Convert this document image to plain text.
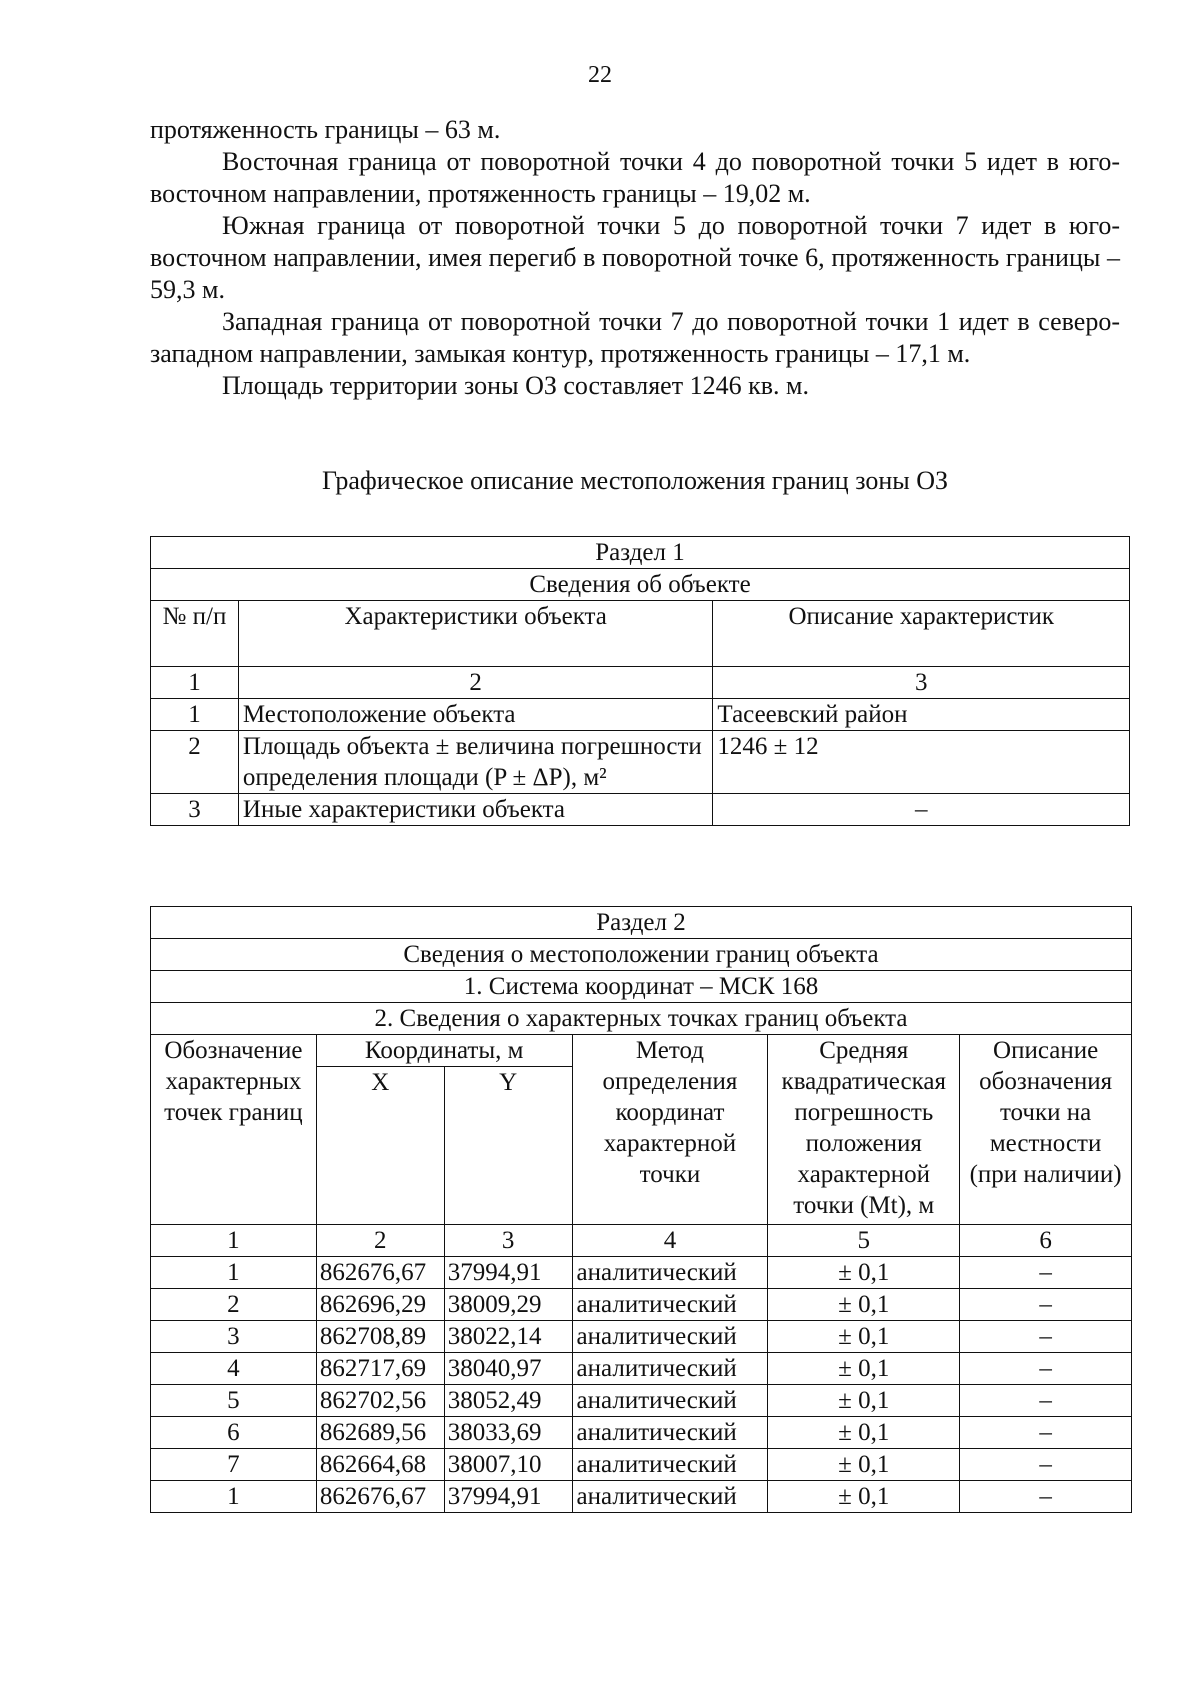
22

протяженность границы – 63 м.

Восточная граница от поворотной точки 4 до поворотной точки 5 идет в юго-восточном направлении, протяженность границы – 19,02 м.

Южная граница от поворотной точки 5 до поворотной точки 7 идет в юго-восточном направлении, имея перегиб в поворотной точке 6, протяженность границы – 59,3 м.

Западная граница от поворотной точки 7 до поворотной точки 1 идет в северо-западном направлении, замыкая контур, протяженность границы – 17,1 м.

Площадь территории зоны ОЗ составляет 1246 кв. м.

Графическое описание местоположения границ зоны ОЗ
Раздел 1		
Сведения об объекте		
№ п/п	Характеристики объекта	Описание характеристик
1	2	3
1	Местоположение объекта	Тасеевский район
2	Площадь объекта ± величина погрешности определения площади (P ± ΔP), м²	1246 ± 12
3	Иные характеристики объекта	–
Раздел 2					
Сведения о местоположении границ объекта					
1. Система координат – МСК 168					
2. Сведения о характерных точках границ объекта					
Обозначение характерных точек границ	Координаты, м		Метод определения координат характерной точки	Средняя квадратическая погрешность положения характерной точки (Mt), м	Описание обозначения точки на местности (при наличии)
	X	Y			
1	2	3	4	5	6
1	862676,67	37994,91	аналитический	± 0,1	–
2	862696,29	38009,29	аналитический	± 0,1	–
3	862708,89	38022,14	аналитический	± 0,1	–
4	862717,69	38040,97	аналитический	± 0,1	–
5	862702,56	38052,49	аналитический	± 0,1	–
6	862689,56	38033,69	аналитический	± 0,1	–
7	862664,68	38007,10	аналитический	± 0,1	–
1	862676,67	37994,91	аналитический	± 0,1	–
